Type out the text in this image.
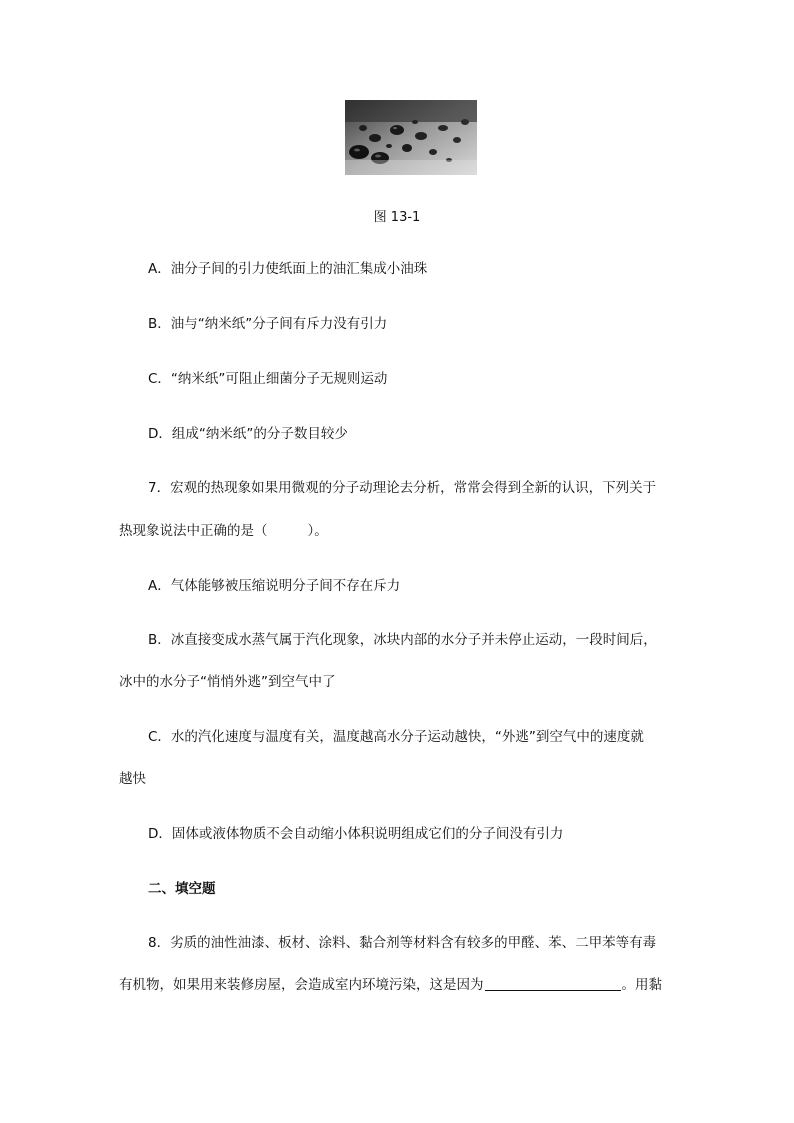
图 13-1
A．油分子间的引力使纸面上的油汇集成小油珠
B．油与“纳米纸”分子间有斥力没有引力
C．“纳米纸”可阻止细菌分子无规则运动
D．组成“纳米纸”的分子数目较少
7．宏观的热现象如果用微观的分子动理论去分析，常常会得到全新的认识，下列关于
热现象说法中正确的是（	）。
A．气体能够被压缩说明分子间不存在斥力
B．冰直接变成水蒸气属于汽化现象，冰块内部的水分子并未停止运动，一段时间后，
冰中的水分子“悄悄外逃”到空气中了
C．水的汽化速度与温度有关，温度越高水分子运动越快，“外逃”到空气中的速度就
越快
D．固体或液体物质不会自动缩小体积说明组成它们的分子间没有引力
二、填空题
8．劣质的油性油漆、板材、涂料、黏合剂等材料含有较多的甲醛、苯、二甲苯等有毒
有机物，如果用来装修房屋，会造成室内环境污染，这是因为	。用黏
